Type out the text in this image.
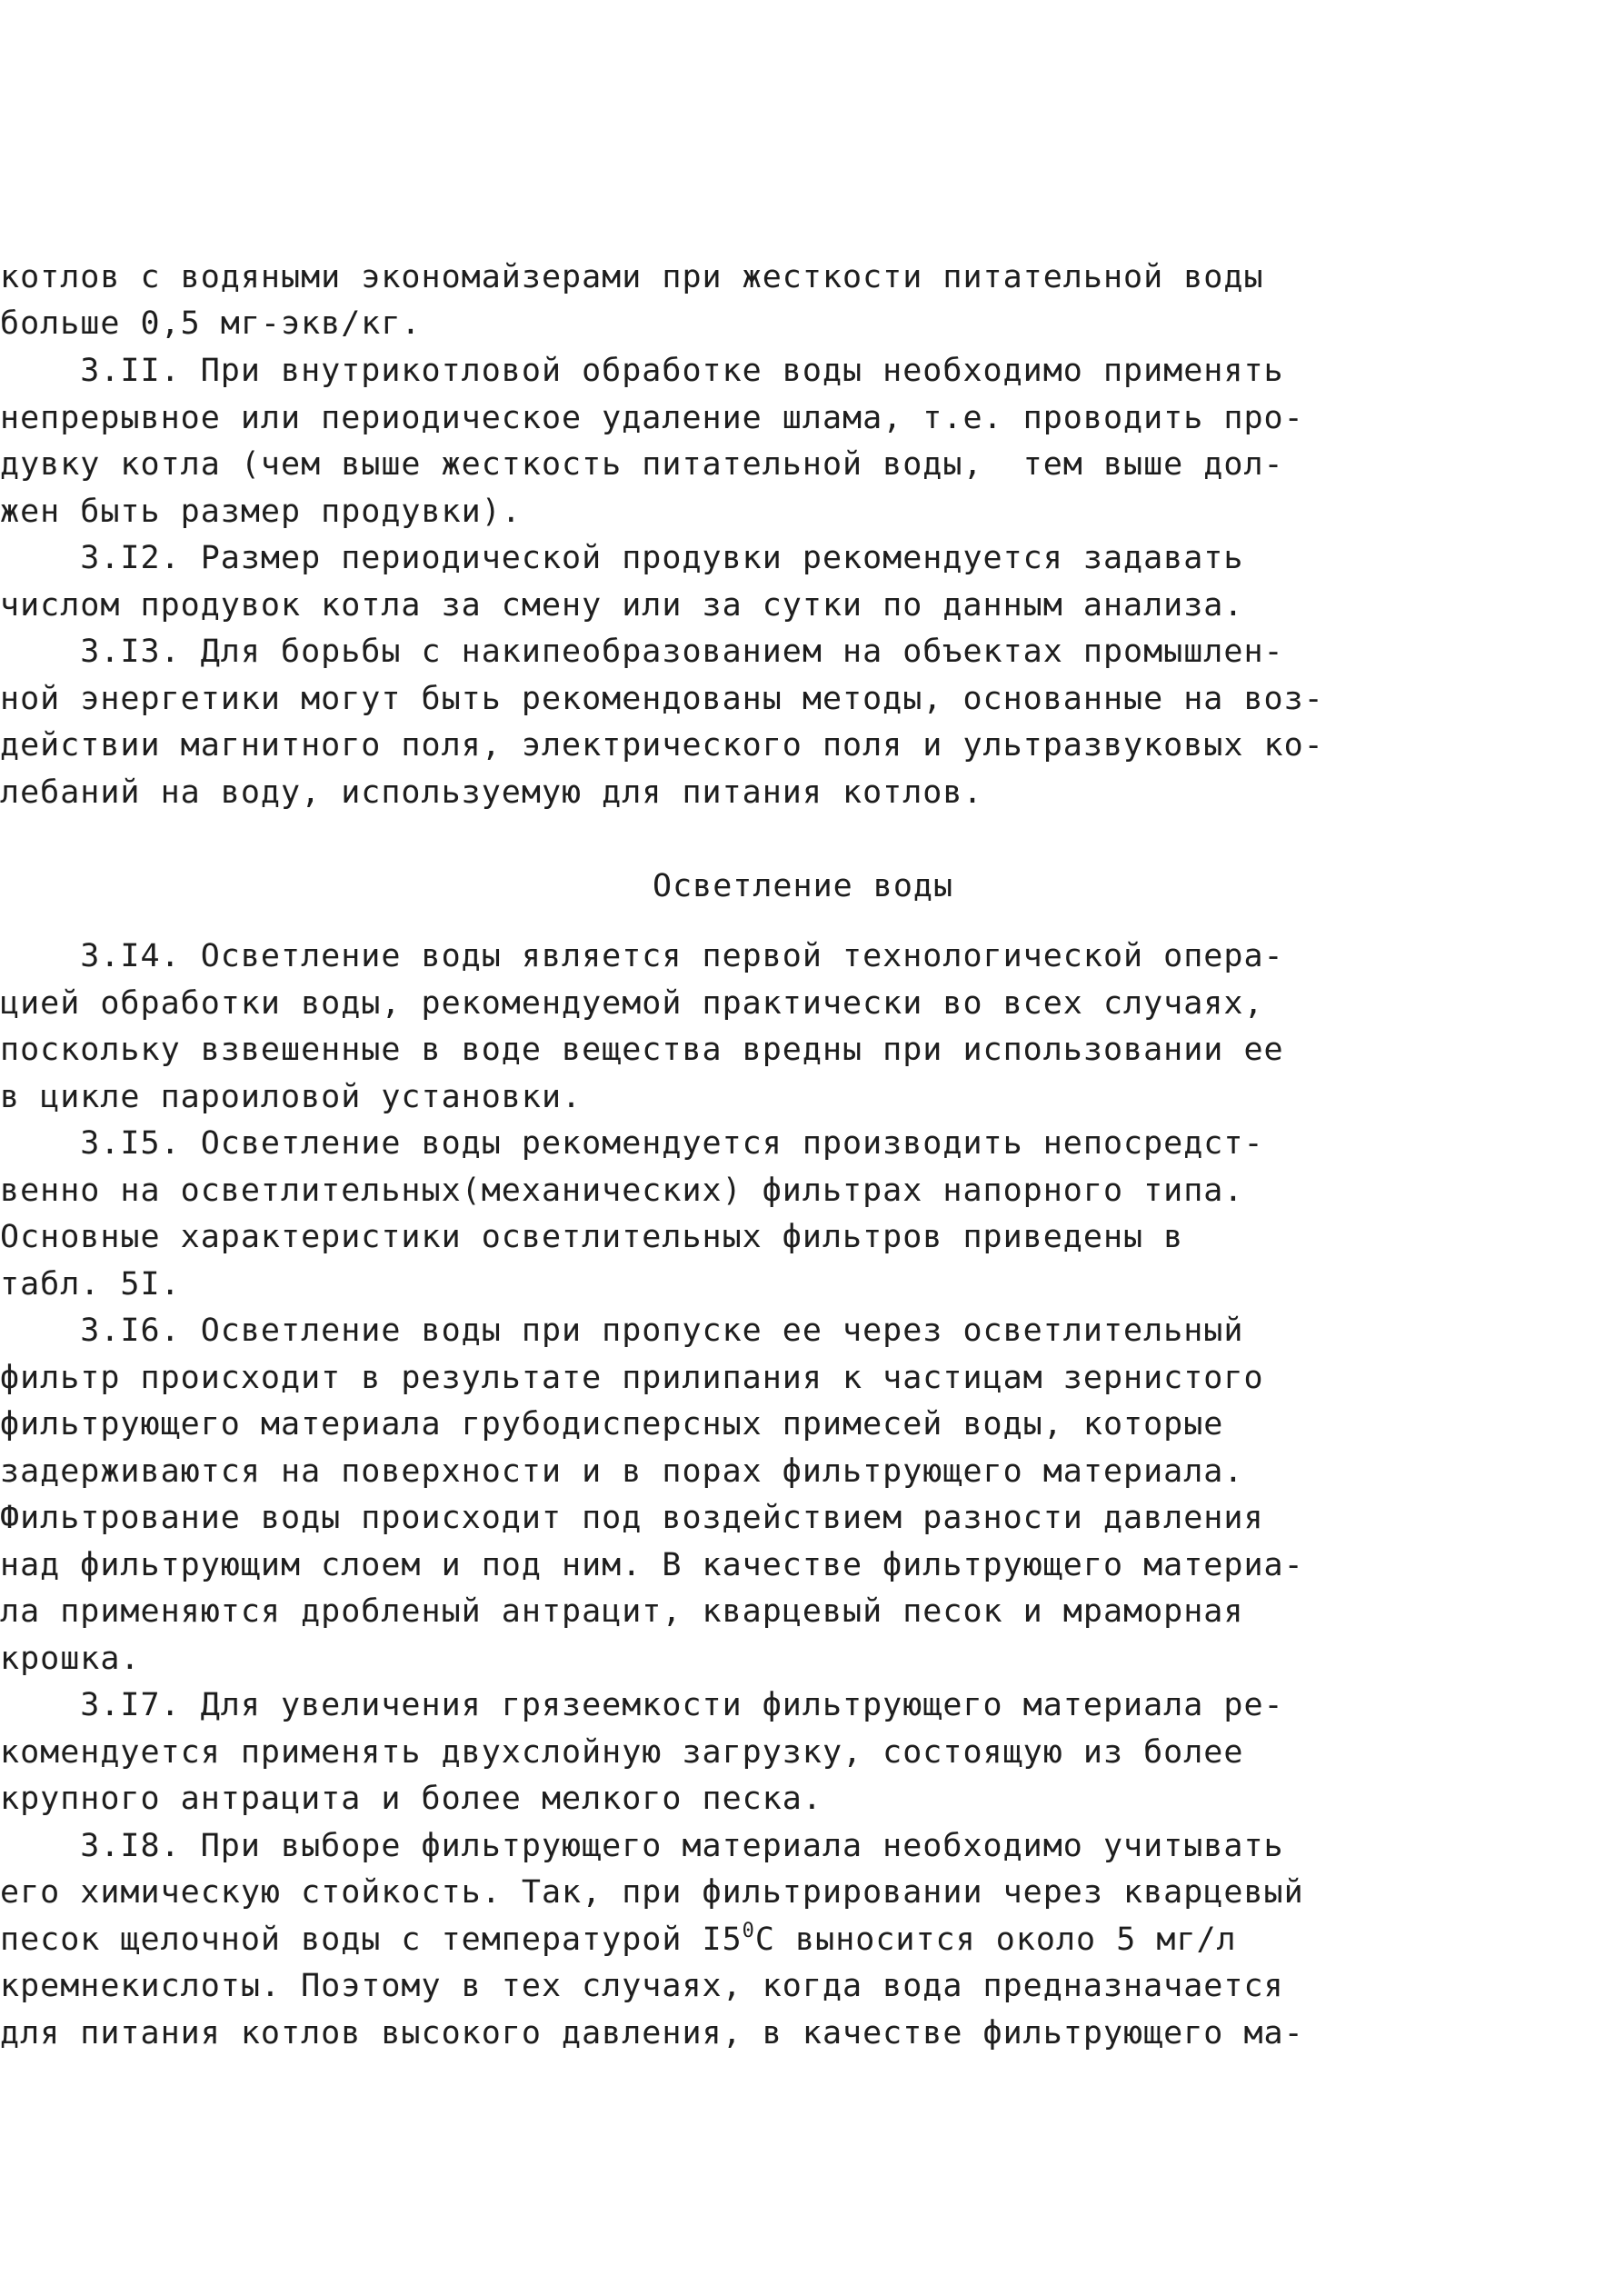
котлов с водяными экономайзерами при жесткости питательной воды
больше 0,5 мг-экв/кг.
3.II. При внутрикотловой обработке воды необходимо применять
непрерывное или периодическое удаление шлама, т.е. проводить про-
дувку котла (чем выше жесткость питательной воды,  тем выше дол-
жен быть размер продувки).
3.I2. Размер периодической продувки рекомендуется задавать
числом продувок котла за смену или за сутки по данным анализа.
3.I3. Для борьбы с накипеобразованием на объектах промышлен-
ной энергетики могут быть рекомендованы методы, основанные на воз-
действии магнитного поля, электрического поля и ультразвуковых ко-
лебаний на воду, используемую для питания котлов.
Осветление воды
3.I4. Осветление воды является первой технологической опера-
цией обработки воды, рекомендуемой практически во всех случаях,
поскольку взвешенные в воде вещества вредны при использовании ее
в цикле пароиловой установки.
3.I5. Осветление воды рекомендуется производить непосредст-
венно на осветлительных(механических) фильтрах напорного типа.
Основные характеристики осветлительных фильтров приведены в
табл. 5I.
3.I6. Осветление воды при пропуске ее через осветлительный
фильтр происходит в результате прилипания к частицам зернистого
фильтрующего материала грубодисперсных примесей воды, которые
задерживаются на поверхности и в порах фильтрующего материала.
Фильтрование воды происходит под воздействием разности давления
над фильтрующим слоем и под ним. В качестве фильтрующего материа-
ла применяются дробленый антрацит, кварцевый песок и мраморная
крошка.
3.I7. Для увеличения грязеемкости фильтрующего материала ре-
комендуется применять двухслойную загрузку, состоящую из более
крупного антрацита и более мелкого песка.
3.I8. При выборе фильтрующего материала необходимо учитывать
его химическую стойкость. Так, при фильтрировании через кварцевый
песок щелочной воды с температурой $I5^0С$ выносится около 5 мг/л
кремнекислоты. Поэтому в тех случаях, когда вода предназначается
для питания котлов высокого давления, в качестве фильтрующего ма-
